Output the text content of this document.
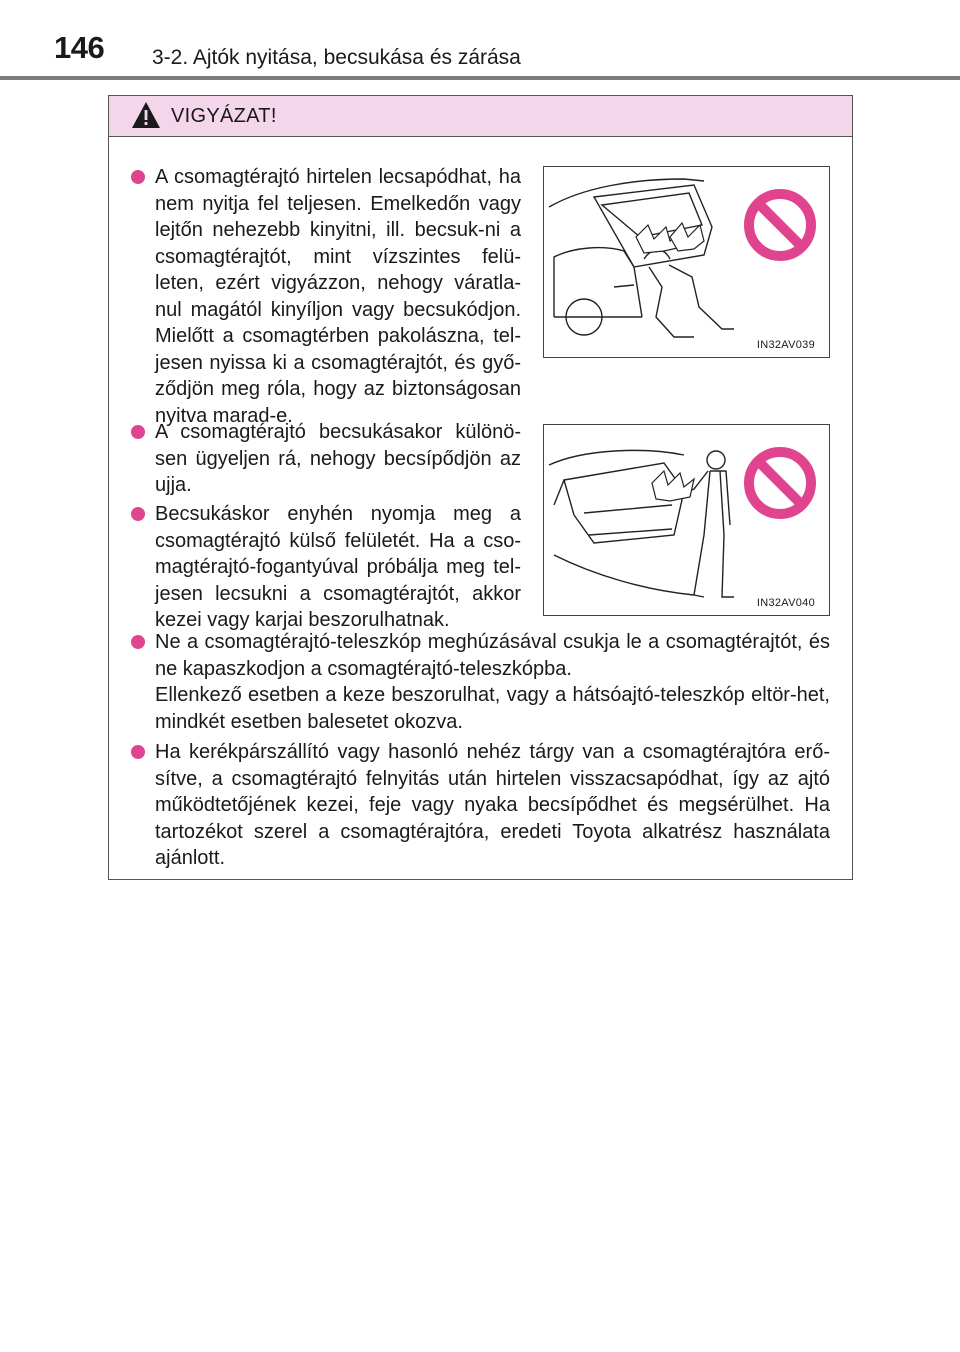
146 3-2. Ajtók nyitása, becsukása és zárása
VIGYÁZAT!

A csomagtérajtó hirtelen lecsapódhat, ha nem nyitja fel teljesen. Emelkedőn vagy lejtőn nehezebb kinyitni, ill. becsuk-ni a csomagtérajtót, mint vízszintes felü-leten, ezért vigyázzon, nehogy váratla-nul magától kinyíljon vagy becsukódjon. Mielőtt a csomagtérben pakolászna, tel-jesen nyissa ki a csomagtérajtót, és győ-ződjön meg róla, hogy az biztonságosan nyitva marad-e.

IN32AV039

A csomagtérajtó becsukásakor különö-sen ügyeljen rá, nehogy becsípődjön az ujja.

Becsukáskor enyhén nyomja meg a csomagtérajtó külső felületét. Ha a cso-magtérajtó-fogantyúval próbálja meg tel-jesen lecsukni a csomagtérajtót, akkor kezei vagy karjai beszorulhatnak.

IN32AV040

Ne a csomagtérajtó-teleszkóp meghúzásával csukja le a csomagtérajtót, és ne kapaszkodjon a csomagtérajtó-teleszkópba.

Ellenkező esetben a keze beszorulhat, vagy a hátsóajtó-teleszkóp eltör-het, mindkét esetben balesetet okozva.

Ha kerékpárszállító vagy hasonló nehéz tárgy van a csomagtérajtóra erő-sítve, a csomagtérajtó felnyitás után hirtelen visszacsapódhat, így az ajtó működtetőjének kezei, feje vagy nyaka becsípődhet és megsérülhet. Ha tartozékot szerel a csomagtérajtóra, eredeti Toyota alkatrész használata ajánlott.
